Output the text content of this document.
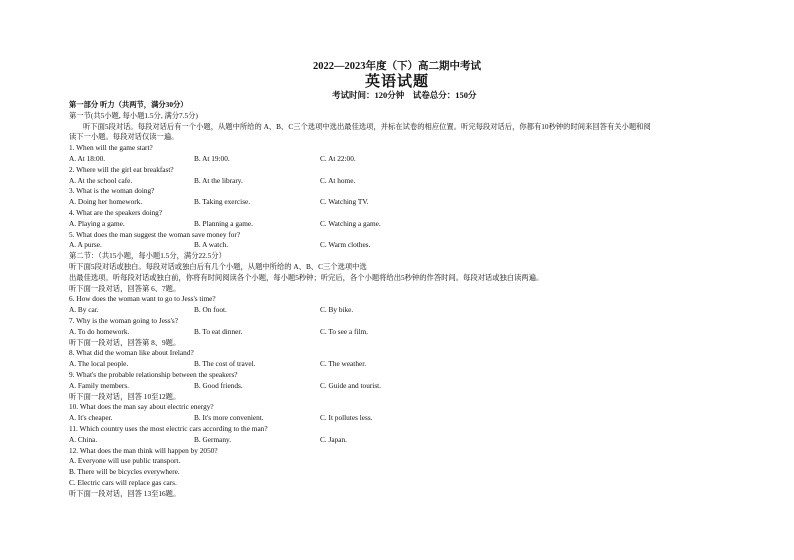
2022—2023年度（下）高二期中考试
英语试题
考试时间：120分钟 试卷总分：150分
第一部分 听力（共两节，满分30分）
第一节(共5小题, 每小题1.5分, 满分7.5分)
听下面5段对话。每段对话后有一个小题，从题中所给的 A、B、C三个选项中选出最佳选项，并标在试卷的相应位置。听完每段对话后，你都有10秒钟的时间来回答有关小题和阅
读下一小题。每段对话仅读一遍。
1. When will the game start?
A. At 18:00.	B. At 19:00.	C. At 22:00.
2. Where will the girl eat breakfast?
A. At the school cafe.	B. At the library.	C. At home.
3. What is the woman doing?
A. Doing her homework.	B. Taking exercise.	C. Watching TV.
4. What are the speakers doing?
A. Playing a game.	B. Planning a game.	C. Watching a game.
5. What does the man suggest the woman save money for?
A. A purse.	B. A watch.	C. Warm clothes.
第二节：（共15小题，每小题1.5分，满分22.5分）
听下面5段对话或独白。每段对话或独白后有几个小题，从题中所给的 A、B、C三个选项中选
出最佳选项。听每段对话或独白前，你将有时间阅读各个小题，每小题5秒钟；听完后，各个小题将给出5秒钟的作答时间。每段对话或独白读两遍。
听下面一段对话，回答第 6、7题。
6. How does the woman want to go to Jess's time?
A. By car.	B. On foot.	C. By bike.
7. Why is the woman going to Jess's?
A. To do homework.	B. To eat dinner.	C. To see a film.
听下面一段对话，回答第 8、9题。
8. What did the woman like about Ireland?
A. The local people.	B. The cost of travel.	C. The weather.
9. What's the probable relationship between the speakers?
A. Family members.	B. Good friends.	C. Guide and tourist.
听下面一段对话，回答 10至12题。
10. What does the man say about electric energy?
A. It's cheaper.	B. It's more convenient.	C. It pollutes less.
11. Which country uses the most electric cars according to the man?
A. China.	B. Germany.	C. Japan.
12. What does the man think will happen by 2050?
A. Everyone will use public transport.
B. There will be bicycles everywhere.
C. Electric cars will replace gas cars.
听下面一段对话，回答 13至16题。
